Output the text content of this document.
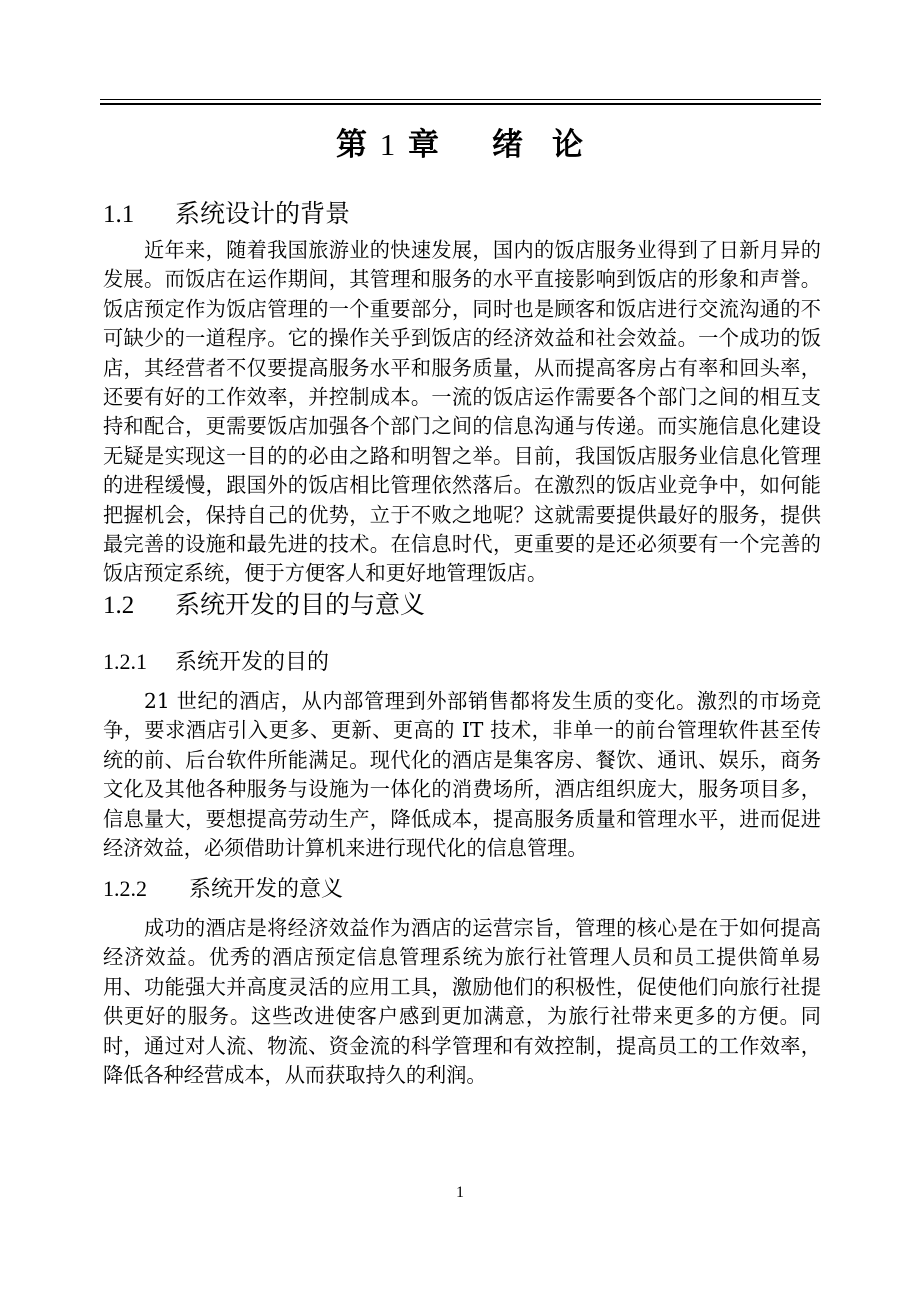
第 1 章 绪 论
1.1 系统设计的背景

近年来，随着我国旅游业的快速发展，国内的饭店服务业得到了日新月异的发展。而饭店在运作期间，其管理和服务的水平直接影响到饭店的形象和声誉。饭店预定作为饭店管理的一个重要部分，同时也是顾客和饭店进行交流沟通的不可缺少的一道程序。它的操作关乎到饭店的经济效益和社会效益。一个成功的饭店，其经营者不仅要提高服务水平和服务质量，从而提高客房占有率和回头率，还要有好的工作效率，并控制成本。一流的饭店运作需要各个部门之间的相互支持和配合，更需要饭店加强各个部门之间的信息沟通与传递。而实施信息化建设无疑是实现这一目的的必由之路和明智之举。目前，我国饭店服务业信息化管理的进程缓慢，跟国外的饭店相比管理依然落后。在激烈的饭店业竞争中，如何能把握机会，保持自己的优势，立于不败之地呢？这就需要提供最好的服务，提供最完善的设施和最先进的技术。在信息时代，更重要的是还必须要有一个完善的饭店预定系统，便于方便客人和更好地管理饭店。

1.2 系统开发的目的与意义
1.2.1 系统开发的目的

21 世纪的酒店，从内部管理到外部销售都将发生质的变化。激烈的市场竞争，要求酒店引入更多、更新、更高的 IT 技术，非单一的前台管理软件甚至传统的前、后台软件所能满足。现代化的酒店是集客房、餐饮、通讯、娱乐，商务文化及其他各种服务与设施为一体化的消费场所，酒店组织庞大，服务项目多，信息量大，要想提高劳动生产，降低成本，提高服务质量和管理水平，进而促进经济效益，必须借助计算机来进行现代化的信息管理。

1.2.2 系统开发的意义

成功的酒店是将经济效益作为酒店的运营宗旨，管理的核心是在于如何提高经济效益。优秀的酒店预定信息管理系统为旅行社管理人员和员工提供简单易用、功能强大并高度灵活的应用工具，激励他们的积极性，促使他们向旅行社提供更好的服务。这些改进使客户感到更加满意，为旅行社带来更多的方便。同时，通过对人流、物流、资金流的科学管理和有效控制，提高员工的工作效率，降低各种经营成本，从而获取持久的利润。

1
